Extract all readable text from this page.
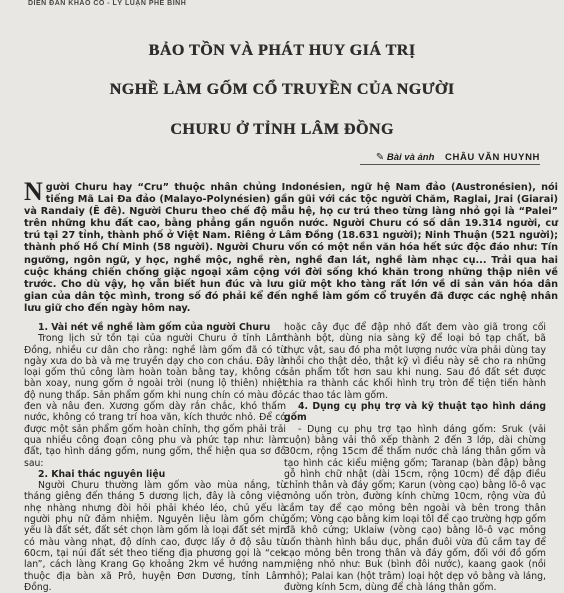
DIỄN ĐÀN KHẢO CỔ - LÝ LUẬN PHÊ BÌNH
BẢO TỒN VÀ PHÁT HUY GIÁ TRỊ
NGHỀ LÀM GỐM CỔ TRUYỀN CỦA NGƯỜI
CHURU Ở TỈNH LÂM ĐỒNG
✎ Bài và ảnh CHÂU VĂN HUYNH
Người Churu hay “Cru” thuộc nhân chủng Indonésien, ngữ hệ Nam đảo (Austronésien), nói tiếng Mã Lai Đa đảo (Malayo-Polynésien) gần gũi với các tộc người Chăm, Raglai, Jrai (Giarai) và Randaiy (Ê đê). Người Churu theo chế độ mẫu hệ, họ cư trú theo từng làng nhỏ gọi là “Palei” trên những khu đất cao, bằng phẳng gần nguồn nước. Người Churu có số dân 19.314 người, cư trú tại 27 tỉnh, thành phố ở Việt Nam. Riêng ở Lâm Đồng (18.631 người); Ninh Thuận (521 người); thành phố Hồ Chí Minh (58 người). Người Churu vốn có một nền văn hóa hết sức độc đáo như: Tín ngưỡng, ngôn ngữ, y học, nghề mộc, nghề rèn, nghề đan lát, nghề làm nhạc cụ... Trải qua hai cuộc kháng chiến chống giặc ngoại xâm cộng với đời sống khó khăn trong những thập niên về trước. Cho dù vậy, họ vẫn biết hun đúc và lưu giữ một kho tàng rất lớn về di sản văn hóa dân gian của dân tộc mình, trong số đó phải kể đến nghề làm gốm cổ truyền đã được các nghệ nhân lưu giữ cho đến ngày hôm nay.

1. Vài nét về nghề làm gốm của người Churu

Trong lịch sử tồn tại của người Churu ở tỉnh Lâm Đồng, nhiều cư dân cho rằng: nghề làm gốm đã có từ ngày xưa do bà và mẹ truyền dạy cho con cháu. Đây là loại gốm thủ công làm hoàn toàn bằng tay, không có bàn xoay, nung gốm ở ngoài trời (nung lộ thiên) nhiệt độ nung thấp. Sản phẩm gốm khi nung chín có màu đỏ, đen và nâu đen. Xương gốm dày rắn chắc, khó thấm nước, không có trang trí hoa văn, kích thước nhỏ. Để có được một sản phẩm gốm hoàn chỉnh, thợ gốm phải trải qua nhiều công đoạn công phu và phức tạp như: làm đất, tạo hình dáng gốm, nung gốm, thể hiện qua sơ đồ sau:

2. Khai thác nguyên liệu

Người Churu thường làm gốm vào mùa nắng, từ tháng giêng đến tháng 5 dương lịch, đây là công việc nhẹ nhàng nhưng đòi hỏi phải khéo léo, chủ yếu là người phụ nữ đảm nhiệm. Nguyên liệu làm gốm chủ yếu là đất sét, đất sét chọn làm gốm là loại đất sét mịn có màu vàng nhạt, độ dính cao, được lấy ở độ sâu từ 60cm, tại núi đất sét theo tiếng địa phương gọi là “cek lan”, cách làng Krang Gọ khoảng 2km về hướng nam, thuộc địa bàn xã Prô, huyện Đơn Dương, tỉnh Lâm Đồng.

hoặc cây đục để đập nhỏ đất đem vào giã trong cối thành bột, dùng nia sàng kỹ để loại bỏ tạp chất, bã thực vật, sau đó pha một lượng nước vừa phải dùng tay nhồi cho thật dẻo, thật kỹ vì điều này sẽ cho ra những sản phẩm tốt hơn sau khi nung. Sau đó đất sét được chia ra thành các khối hình trụ tròn để tiện tiến hành các thao tác làm gốm.

4. Dụng cụ phụ trợ và kỹ thuật tạo hình dáng gốm

- Dụng cụ phụ trợ tạo hình dáng gốm: Sruk (vải cuộn) bằng vải thô xếp thành 2 đến 3 lớp, dài chừng 30cm, rộng 15cm để thấm nước chà láng thân gốm và tạo hình các kiểu miệng gốm; Taranap (bàn đập) bằng gỗ hình chữ nhật (dài 15cm, rộng 10cm) để đập điều chỉnh thân và đáy gốm; Karun (vòng cạo) bằng lõ-ô vạc mỏng uốn tròn, đường kính chừng 10cm, rộng vừa đủ cầm tay để cạo mỏng bên ngoài và bên trong thân gốm; Vòng cạo bằng kim loại tôl để cạo trường hợp gốm đã khô cứng; Uklaiw (vòng cạo) bằng lõ-ô vạc mỏng uốn thành hình bầu dục, phần đuôi vừa đủ cầm tay để cạo mỏng bên trong thân và đáy gốm, đối với đồ gốm miệng nhỏ như: Buk (bình đôi nước), kaang gaok (nồi nhỏ); Palai kan (hột trâm) loại hột dẹp vỏ bằng và láng, đường kính 5cm, dùng để chà láng thân gốm.
